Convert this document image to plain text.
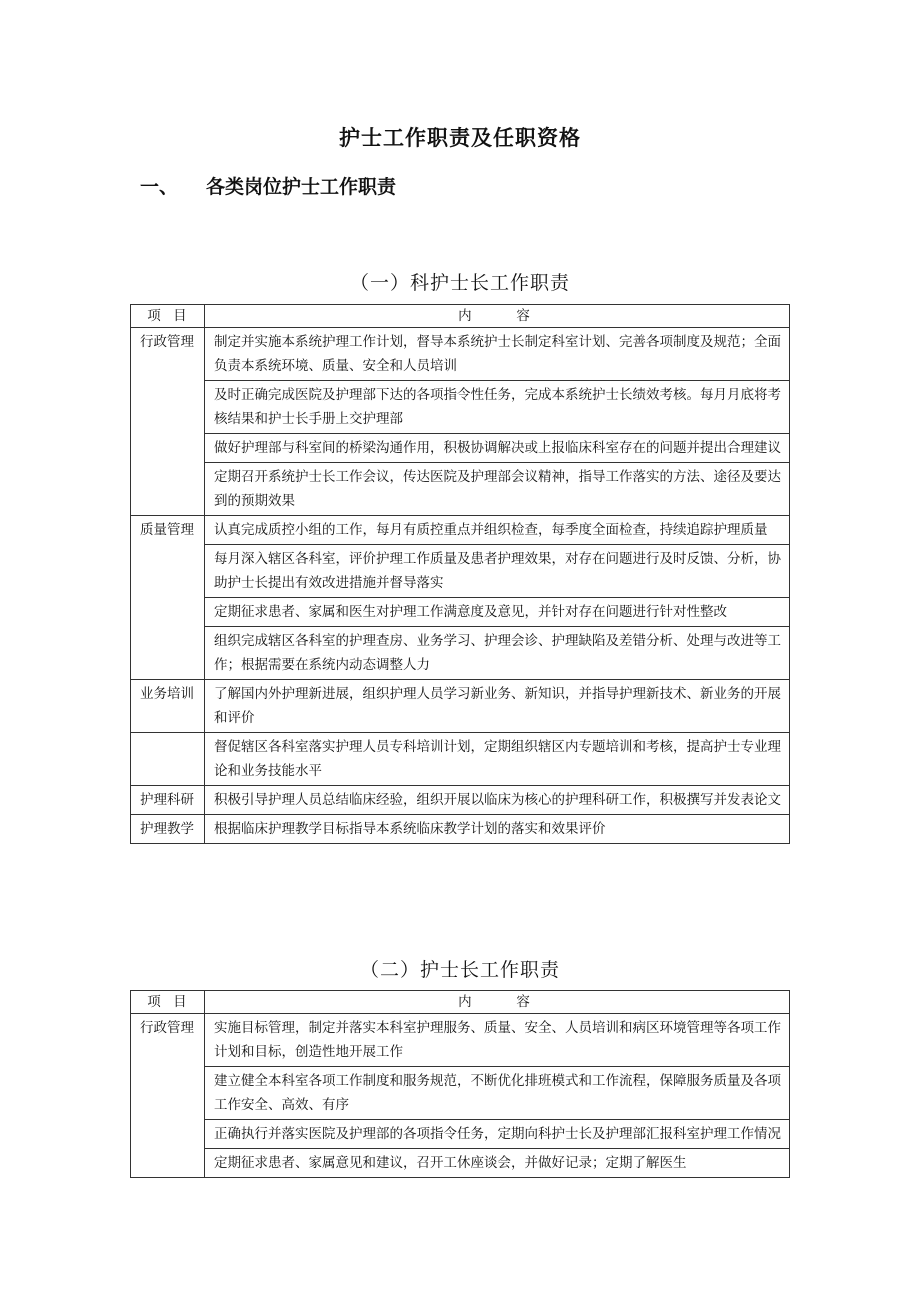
护士工作职责及任职资格
一、 各类岗位护士工作职责
（一）科护士长工作职责
项 目	内 容
行政管理	制定并实施本系统护理工作计划，督导本系统护士长制定科室计划、完善各项制度及规范；全面负责本系统环境、质量、安全和人员培训
	及时正确完成医院及护理部下达的各项指令性任务，完成本系统护士长绩效考核。每月月底将考核结果和护士长手册上交护理部
	做好护理部与科室间的桥梁沟通作用，积极协调解决或上报临床科室存在的问题并提出合理建议
	定期召开系统护士长工作会议，传达医院及护理部会议精神，指导工作落实的方法、途径及要达到的预期效果
质量管理	认真完成质控小组的工作，每月有质控重点并组织检查，每季度全面检查，持续追踪护理质量
	每月深入辖区各科室，评价护理工作质量及患者护理效果，对存在问题进行及时反馈、分析，协助护士长提出有效改进措施并督导落实
	定期征求患者、家属和医生对护理工作满意度及意见，并针对存在问题进行针对性整改
	组织完成辖区各科室的护理查房、业务学习、护理会诊、护理缺陷及差错分析、处理与改进等工作；根据需要在系统内动态调整人力
业务培训	了解国内外护理新进展，组织护理人员学习新业务、新知识，并指导护理新技术、新业务的开展和评价
	督促辖区各科室落实护理人员专科培训计划，定期组织辖区内专题培训和考核，提高护士专业理论和业务技能水平
护理科研	积极引导护理人员总结临床经验，组织开展以临床为核心的护理科研工作，积极撰写并发表论文
护理教学	根据临床护理教学目标指导本系统临床教学计划的落实和效果评价
（二）护士长工作职责
项 目	内 容
行政管理	实施目标管理，制定并落实本科室护理服务、质量、安全、人员培训和病区环境管理等各项工作计划和目标，创造性地开展工作
	建立健全本科室各项工作制度和服务规范，不断优化排班模式和工作流程，保障服务质量及各项工作安全、高效、有序
	正确执行并落实医院及护理部的各项指令任务，定期向科护士长及护理部汇报科室护理工作情况
	定期征求患者、家属意见和建议，召开工休座谈会，并做好记录；定期了解医生
